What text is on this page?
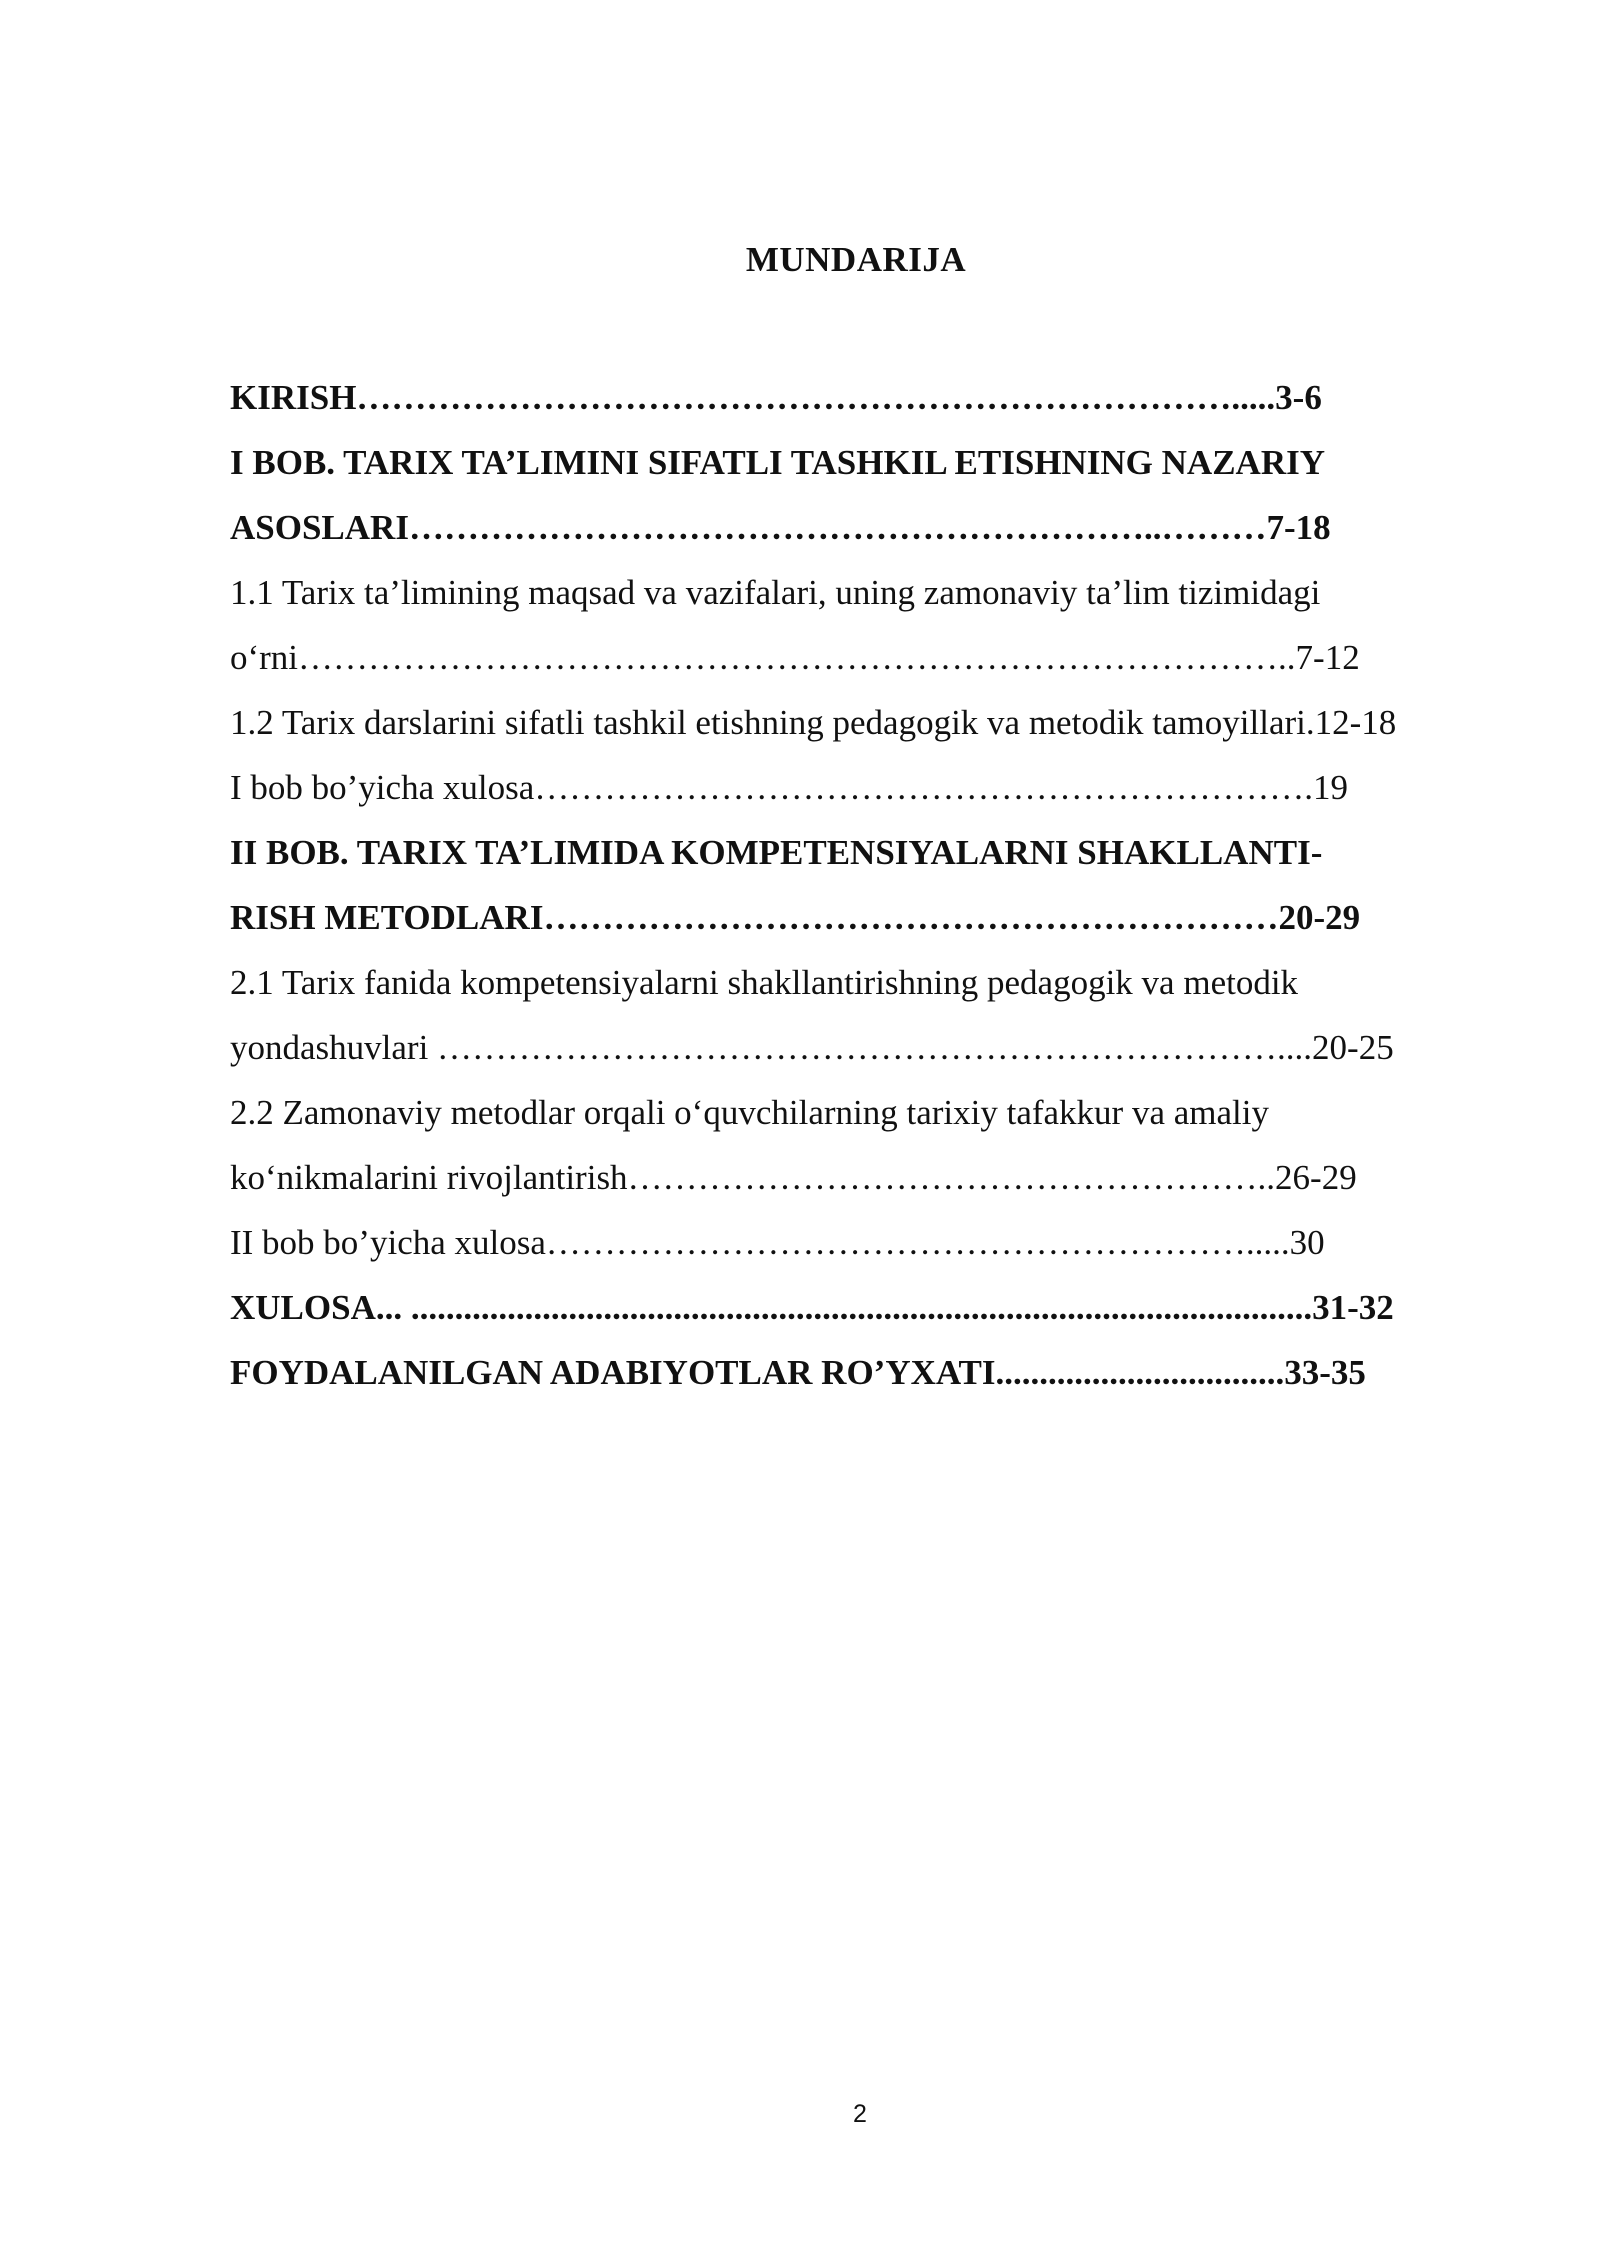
MUNDARIJA
KIRISH………………………………………………………………….....3-6
I BOB. TARIX TA’LIMINI SIFATLI TASHKIL ETISHNING NAZARIY
ASOSLARI………………………………………………………..………7-18
1.1 Tarix ta’limining maqsad va vazifalari, uning zamonaviy ta’lim tizimidagi
o‘rni…………………………………………………………………………..7-12
1.2 Tarix darslarini sifatli tashkil etishning pedagogik va metodik tamoyillari.12-18
I bob bo’yicha xulosa………………………………………………………….19
II BOB. TARIX TA’LIMIDA KOMPETENSIYALARNI SHAKLLANTI-
RISH METODLARI………………………………………………………20-29
2.1 Tarix fanida kompetensiyalarni shakllantirishning pedagogik va metodik
yondashuvlari ………………………………………………………………....20-25
2.2 Zamonaviy metodlar orqali o‘quvchilarning tarixiy tafakkur va amaliy
ko‘nikmalarini rivojlantirish………………………………………………..26-29
II bob bo’yicha xulosa…………………………………………………….....30
XULOSA... .......................................................................................................31-32
FOYDALANILGAN ADABIYOTLAR RO’YXATI.................................33-35
2
